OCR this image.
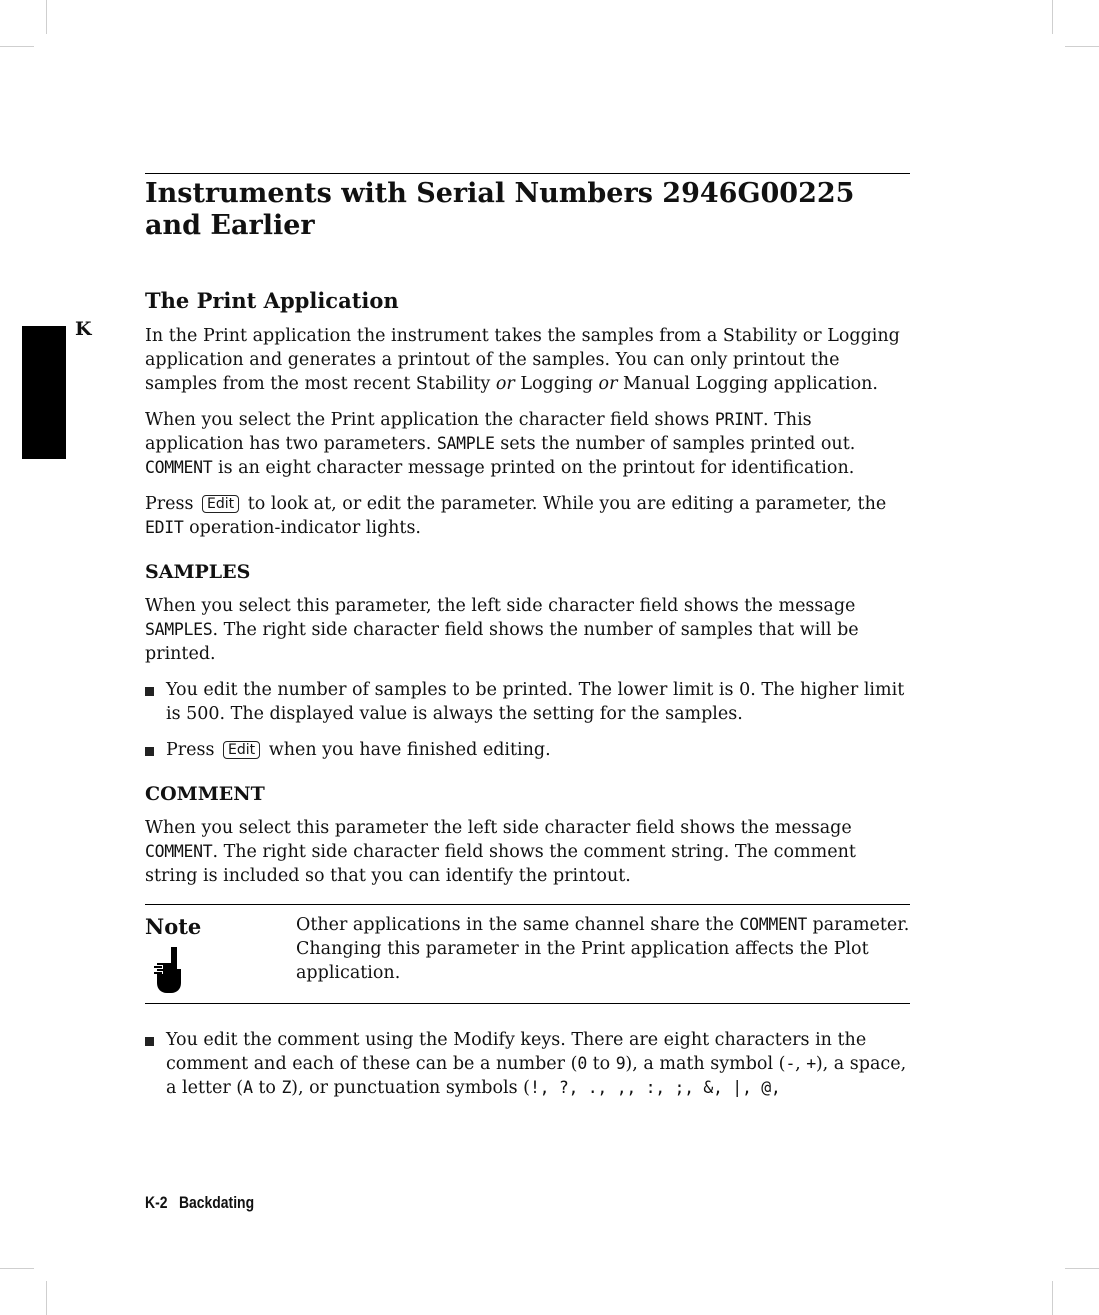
K
Instruments with Serial Numbers 2946G00225 and Earlier
The Print Application

In the Print application the instrument takes the samples from a Stability or Logging application and generates a printout of the samples. You can only printout the samples from the most recent Stability or Logging or Manual Logging application.

When you select the Print application the character field shows PRINT. This application has two parameters. SAMPLE sets the number of samples printed out. COMMENT is an eight character message printed on the printout for identification.

Press Edit to look at, or edit the parameter. While you are editing a parameter, the EDIT operation-indicator lights.

SAMPLES

When you select this parameter, the left side character field shows the message SAMPLES. The right side character field shows the number of samples that will be printed.

You edit the number of samples to be printed. The lower limit is 0. The higher limit is 500. The displayed value is always the setting for the samples.
Press Edit when you have finished editing.
COMMENT

When you select this parameter the left side character field shows the message COMMENT. The right side character field shows the comment string. The comment string is included so that you can identify the printout.

Note	Other applications in the same channel share the COMMENT parameter. Changing this parameter in the Print application affects the Plot application.
You edit the comment using the Modify keys. There are eight characters in the comment and each of these can be a number (0 to 9), a math symbol (-, +), a space, a letter (A to Z), or punctuation symbols (!, ?, ., ,, :, ;, &, |, @,
K-2 Backdating
